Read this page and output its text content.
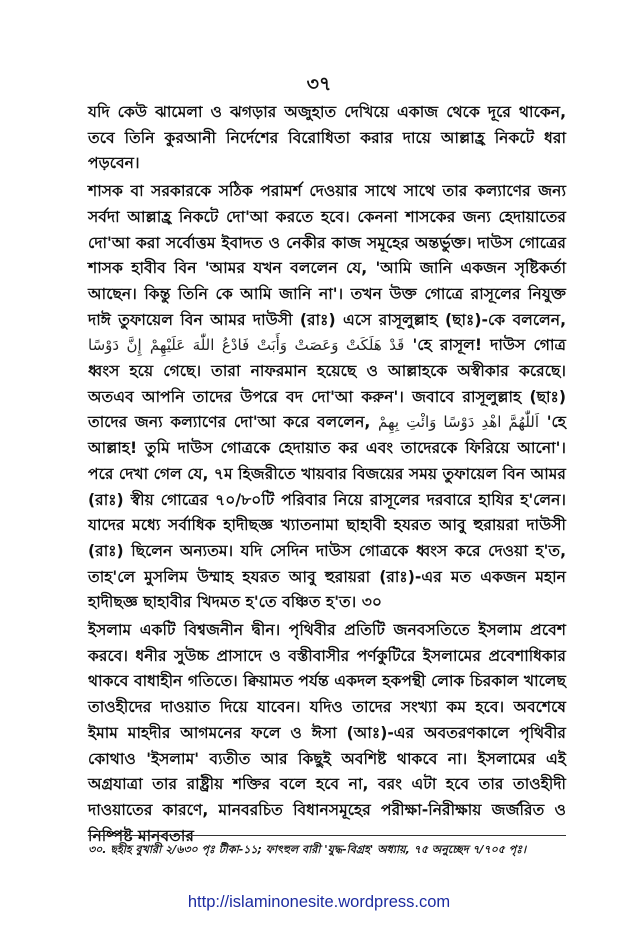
৩৭

যদি কেউ ঝামেলা ও ঝগড়ার অজুহাত দেখিয়ে একাজ থেকে দূরে থাকেন, তবে তিনি কুরআনী নির্দেশের বিরোধিতা করার দায়ে আল্লাহ্র নিকটে ধরা পড়বেন।

শাসক বা সরকারকে সঠিক পরামর্শ দেওয়ার সাথে সাথে তার কল্যাণের জন্য সর্বদা আল্লাহ্র নিকটে দো'আ করতে হবে। কেননা শাসকের জন্য হেদায়াতের দো'আ করা সর্বোত্তম ইবাদত ও নেকীর কাজ সমূহের অন্তর্ভুক্ত। দাউস গোত্রের শাসক হাবীব বিন 'আমর যখন বললেন যে, 'আমি জানি একজন সৃষ্টিকর্তা আছেন। কিন্তু তিনি কে আমি জানি না'। তখন উক্ত গোত্রে রাসূলের নিযুক্ত দাঈ তুফায়েল বিন আমর দাউসী (রাঃ) এসে রাসূলুল্লাহ (ছাঃ)-কে বললেন, إِنَّ دَوْسًا قَدْ هَلَكَتْ وَعَصَتْ وَأَبَتْ فَادْعُ اللّٰهَ عَلَيْهِمْ 'হে রাসূল! দাউস গোত্র ধ্বংস হয়ে গেছে। তারা নাফরমান হয়েছে ও আল্লাহকে অস্বীকার করেছে। অতএব আপনি তাদের উপরে বদ দো'আ করুন'। জবাবে রাসূলুল্লাহ (ছাঃ) তাদের জন্য কল্যাণের দো'আ করে বললেন, اَللّٰهُمَّ اهْدِ دَوْسًا وَائْتِ بِهِمْ 'হে আল্লাহ! তুমি দাউস গোত্রকে হেদায়াত কর এবং তাদেরকে ফিরিয়ে আনো'। পরে দেখা গেল যে, ৭ম হিজরীতে খায়বার বিজয়ের সময় তুফায়েল বিন আমর (রাঃ) স্বীয় গোত্রের ৭০/৮০টি পরিবার নিয়ে রাসূলের দরবারে হাযির হ'লেন। যাদের মধ্যে সর্বাধিক হাদীছজ্ঞ খ্যাতনামা ছাহাবী হযরত আবু হুরায়রা দাউসী (রাঃ) ছিলেন অন্যতম। যদি সেদিন দাউস গোত্রকে ধ্বংস করে দেওয়া হ'ত, তাহ'লে মুসলিম উম্মাহ হযরত আবু হুরায়রা (রাঃ)-এর মত একজন মহান হাদীছজ্ঞ ছাহাবীর খিদমত হ'তে বঞ্চিত হ'ত। ৩০

ইসলাম একটি বিশ্বজনীন দ্বীন। পৃথিবীর প্রতিটি জনবসতিতে ইসলাম প্রবেশ করবে। ধনীর সুউচ্চ প্রাসাদে ও বস্তীবাসীর পর্ণকুটিরে ইসলামের প্রবেশাধিকার থাকবে বাধাহীন গতিতে। ক্বিয়ামত পর্যন্ত একদল হকপন্থী লোক চিরকাল খালেছ তাওহীদের দাওয়াত দিয়ে যাবেন। যদিও তাদের সংখ্যা কম হবে। অবশেষে ইমাম মাহদীর আগমনের ফলে ও ঈসা (আঃ)-এর অবতরণকালে পৃথিবীর কোথাও 'ইসলাম' ব্যতীত আর কিছুই অবশিষ্ট থাকবে না। ইসলামের এই অগ্রযাত্রা তার রাষ্ট্রীয় শক্তির বলে হবে না, বরং এটা হবে তার তাওহীদী দাওয়াতের কারণে, মানবরচিত বিধানসমূহের পরীক্ষা-নিরীক্ষায় জর্জরিত ও নিষ্পিষ্ট মানবতার

৩০. ছহীহ বুখারী ২/৬৩০ পৃঃ টীকা-১১; ফাৎহুল বারী 'যুদ্ধ-বিগ্রহ' অধ্যায়, ৭৫ অনুচ্ছেদ ৭/৭০৫ পৃঃ।
http://islaminonesite.wordpress.com
